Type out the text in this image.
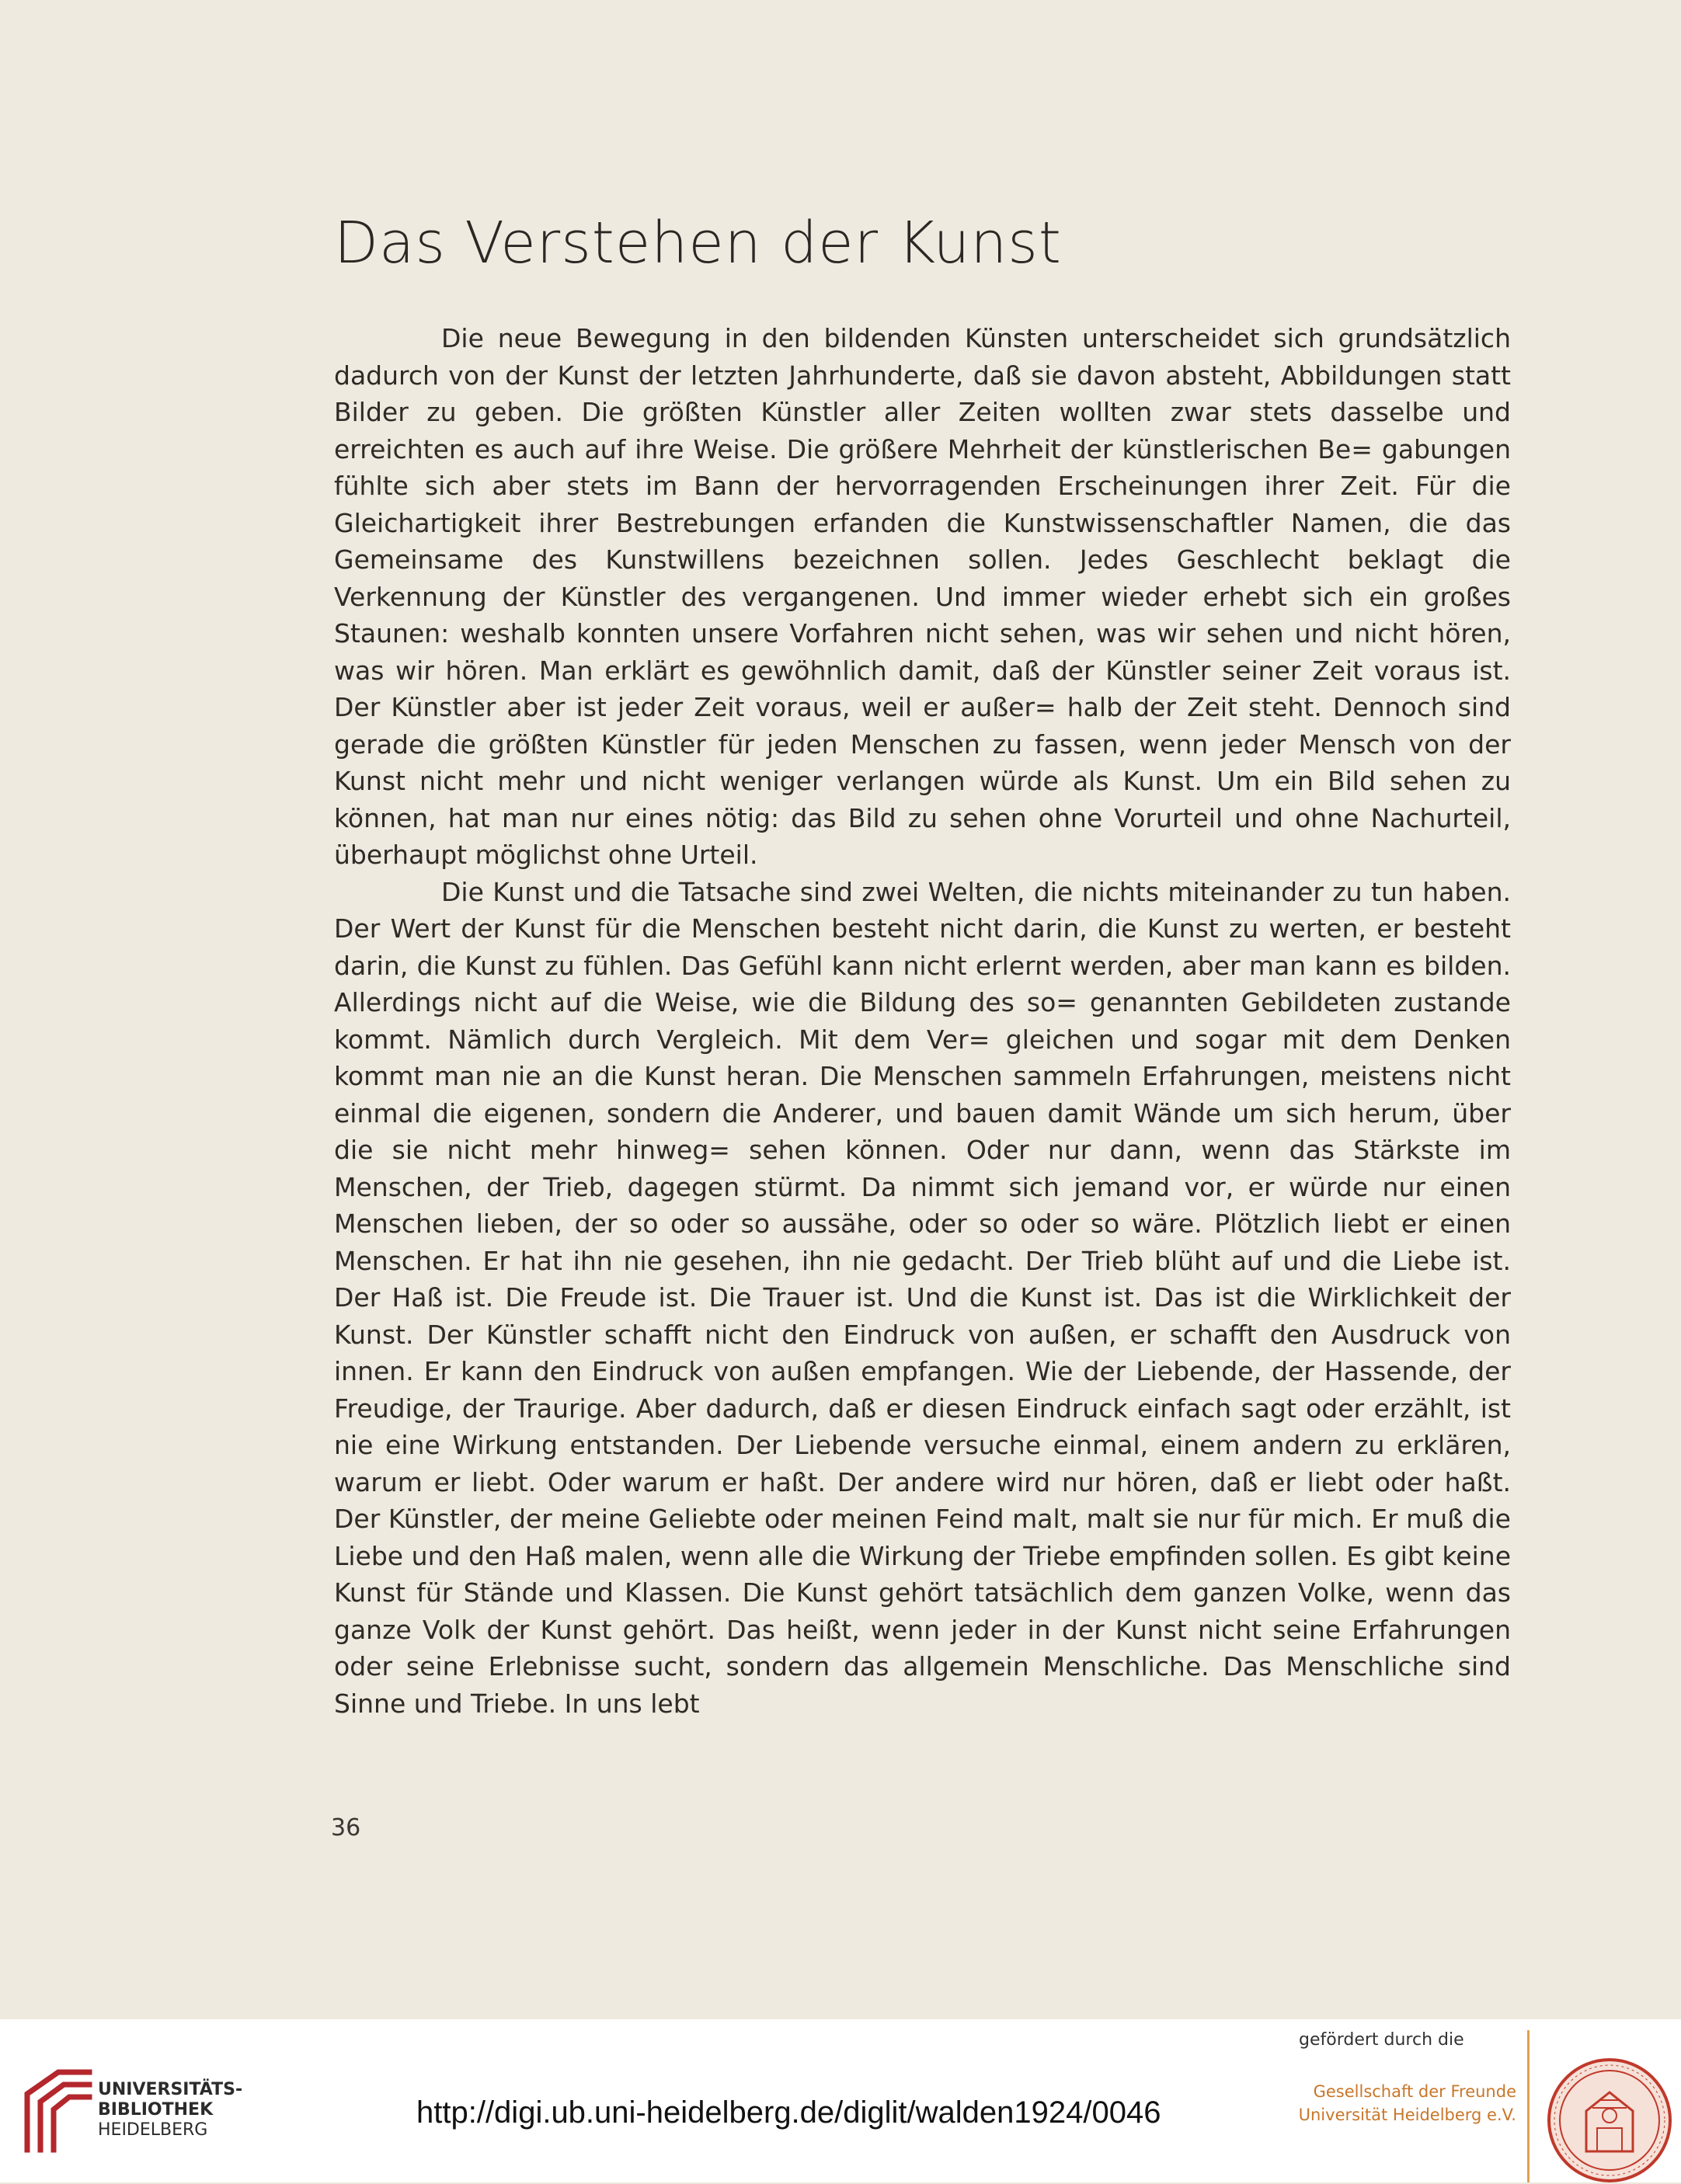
Das Verstehen der Kunst

Die neue Bewegung in den bildenden Künsten unterscheidet sich grundsätzlich dadurch von der Kunst der letzten Jahrhunderte, daß sie davon absteht, Abbildungen statt Bilder zu geben. Die größten Künstler aller Zeiten wollten zwar stets dasselbe und erreichten es auch auf ihre Weise. Die größere Mehrheit der künstlerischen Be= gabungen fühlte sich aber stets im Bann der hervorragenden Erscheinungen ihrer Zeit. Für die Gleichartigkeit ihrer Bestrebungen erfanden die Kunstwissenschaftler Namen, die das Gemeinsame des Kunstwillens bezeichnen sollen. Jedes Geschlecht beklagt die Verkennung der Künstler des vergangenen. Und immer wieder erhebt sich ein großes Staunen: weshalb konnten unsere Vorfahren nicht sehen, was wir sehen und nicht hören, was wir hören. Man erklärt es gewöhnlich damit, daß der Künstler seiner Zeit voraus ist. Der Künstler aber ist jeder Zeit voraus, weil er außer= halb der Zeit steht. Dennoch sind gerade die größten Künstler für jeden Menschen zu fassen, wenn jeder Mensch von der Kunst nicht mehr und nicht weniger verlangen würde als Kunst. Um ein Bild sehen zu können, hat man nur eines nötig: das Bild zu sehen ohne Vorurteil und ohne Nachurteil, überhaupt möglichst ohne Urteil.

Die Kunst und die Tatsache sind zwei Welten, die nichts miteinander zu tun haben. Der Wert der Kunst für die Menschen besteht nicht darin, die Kunst zu werten, er besteht darin, die Kunst zu fühlen. Das Gefühl kann nicht erlernt werden, aber man kann es bilden. Allerdings nicht auf die Weise, wie die Bildung des so= genannten Gebildeten zustande kommt. Nämlich durch Vergleich. Mit dem Ver= gleichen und sogar mit dem Denken kommt man nie an die Kunst heran. Die Menschen sammeln Erfahrungen, meistens nicht einmal die eigenen, sondern die Anderer, und bauen damit Wände um sich herum, über die sie nicht mehr hinweg= sehen können. Oder nur dann, wenn das Stärkste im Menschen, der Trieb, dagegen stürmt. Da nimmt sich jemand vor, er würde nur einen Menschen lieben, der so oder so aussähe, oder so oder so wäre. Plötzlich liebt er einen Menschen. Er hat ihn nie gesehen, ihn nie gedacht. Der Trieb blüht auf und die Liebe ist. Der Haß ist. Die Freude ist. Die Trauer ist. Und die Kunst ist. Das ist die Wirklichkeit der Kunst. Der Künstler schafft nicht den Eindruck von außen, er schafft den Ausdruck von innen. Er kann den Eindruck von außen empfangen. Wie der Liebende, der Hassende, der Freudige, der Traurige. Aber dadurch, daß er diesen Eindruck einfach sagt oder erzählt, ist nie eine Wirkung entstanden. Der Liebende versuche einmal, einem andern zu erklären, warum er liebt. Oder warum er haßt. Der andere wird nur hören, daß er liebt oder haßt. Der Künstler, der meine Geliebte oder meinen Feind malt, malt sie nur für mich. Er muß die Liebe und den Haß malen, wenn alle die Wirkung der Triebe empfinden sollen. Es gibt keine Kunst für Stände und Klassen. Die Kunst gehört tatsächlich dem ganzen Volke, wenn das ganze Volk der Kunst gehört. Das heißt, wenn jeder in der Kunst nicht seine Erfahrungen oder seine Erlebnisse sucht, sondern das allgemein Menschliche. Das Menschliche sind Sinne und Triebe. In uns lebt

36
UNIVERSITÄTS-
BIBLIOTHEK
HEIDELBERG
http://digi.ub.uni-heidelberg.de/diglit/walden1924/0046
gefördert durch die
Gesellschaft der Freunde
Universität Heidelberg e.V.
